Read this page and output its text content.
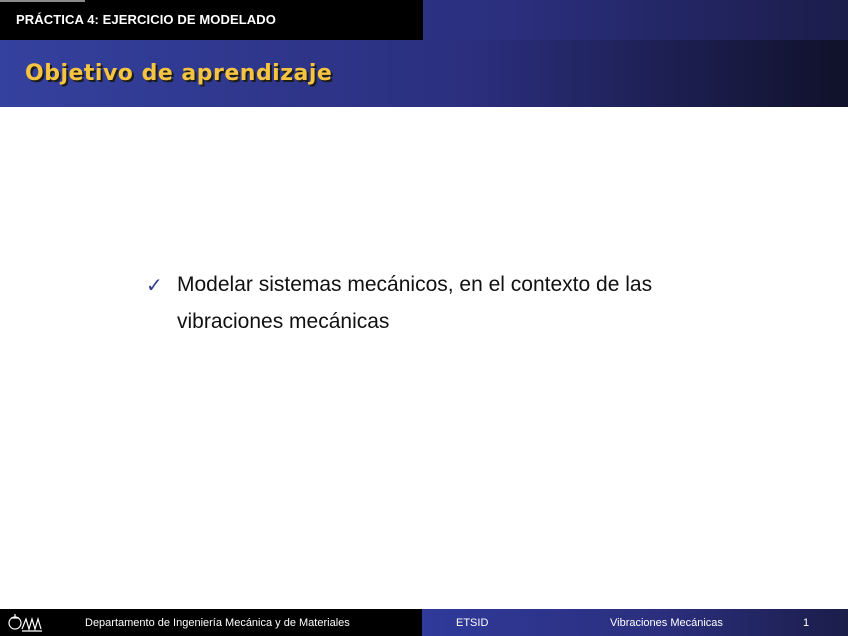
PRÁCTICA 4: EJERCICIO DE MODELADO
Objetivo de aprendizaje
✓ Modelar sistemas mecánicos, en el contexto de las vibraciones mecánicas
Departamento de Ingeniería Mecánica y de Materiales	ETSID	Vibraciones Mecánicas	1
